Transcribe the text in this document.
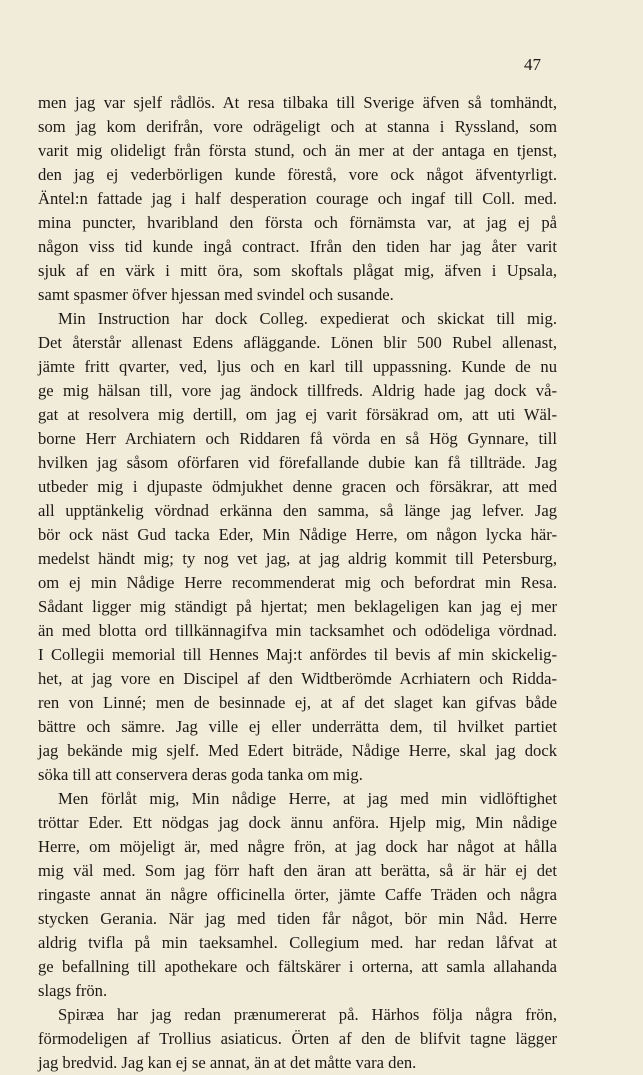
47
men jag var sjelf rådlös. At resa tilbaka till Sverige äfven så tomhändt,
som jag kom derifrån, vore odrägeligt och at stanna i Ryssland, som
varit mig olideligt från första stund, och än mer at der antaga en tjenst,
den jag ej vederbörligen kunde förestå, vore ock något äfventyrligt.
Äntel:n fattade jag i half desperation courage och ingaf till Coll. med.
mina puncter, hvaribland den första och förnämsta var, at jag ej på
någon viss tid kunde ingå contract. Ifrån den tiden har jag åter varit
sjuk af en värk i mitt öra, som skoftals plågat mig, äfven i Upsala,
samt spasmer öfver hjessan med svindel och susande.
Min Instruction har dock Colleg. expedierat och skickat till mig.
Det återstår allenast Edens afläggande. Lönen blir 500 Rubel allenast,
jämte fritt qvarter, ved, ljus och en karl till uppassning. Kunde de nu
ge mig hälsan till, vore jag ändock tillfreds. Aldrig hade jag dock vå-
gat at resolvera mig dertill, om jag ej varit försäkrad om, att uti Wäl-
borne Herr Archiatern och Riddaren få vörda en så Hög Gynnare, till
hvilken jag såsom oförfaren vid förefallande dubie kan få tillträde. Jag
utbeder mig i djupaste ödmjukhet denne gracen och försäkrar, att med
all upptänkelig vördnad erkänna den samma, så länge jag lefver. Jag
bör ock näst Gud tacka Eder, Min Nådige Herre, om någon lycka här-
medelst händt mig; ty nog vet jag, at jag aldrig kommit till Petersburg,
om ej min Nådige Herre recommenderat mig och befordrat min Resa.
Sådant ligger mig ständigt på hjertat; men beklageligen kan jag ej mer
än med blotta ord tillkännagifva min tacksamhet och odödeliga vördnad.
I Collegii memorial till Hennes Maj:t anfördes til bevis af min skickelig-
het, at jag vore en Discipel af den Widtberömde Acrhiatern och Ridda-
ren von Linné; men de besinnade ej, at af det slaget kan gifvas både
bättre och sämre. Jag ville ej eller underrätta dem, til hvilket partiet
jag bekände mig sjelf. Med Edert biträde, Nådige Herre, skal jag dock
söka till att conservera deras goda tanka om mig.
Men förlåt mig, Min nådige Herre, at jag med min vidlöftighet
tröttar Eder. Ett nödgas jag dock ännu anföra. Hjelp mig, Min nådige
Herre, om möjeligt är, med någre frön, at jag dock har något at hålla
mig väl med. Som jag förr haft den äran att berätta, så är här ej det
ringaste annat än någre officinella örter, jämte Caffe Träden och några
stycken Gerania. När jag med tiden får något, bör min Nåd. Herre
aldrig tvifla på min taeksamhel. Collegium med. har redan låfvat at
ge befallning till apothekare och fältskärer i orterna, att samla allahanda
slags frön.
Spiræa har jag redan prænumererat på. Härhos följa några frön,
förmodeligen af Trollius asiaticus. Örten af den de blifvit tagne lägger
jag bredvid. Jag kan ej se annat, än at det måtte vara den.
